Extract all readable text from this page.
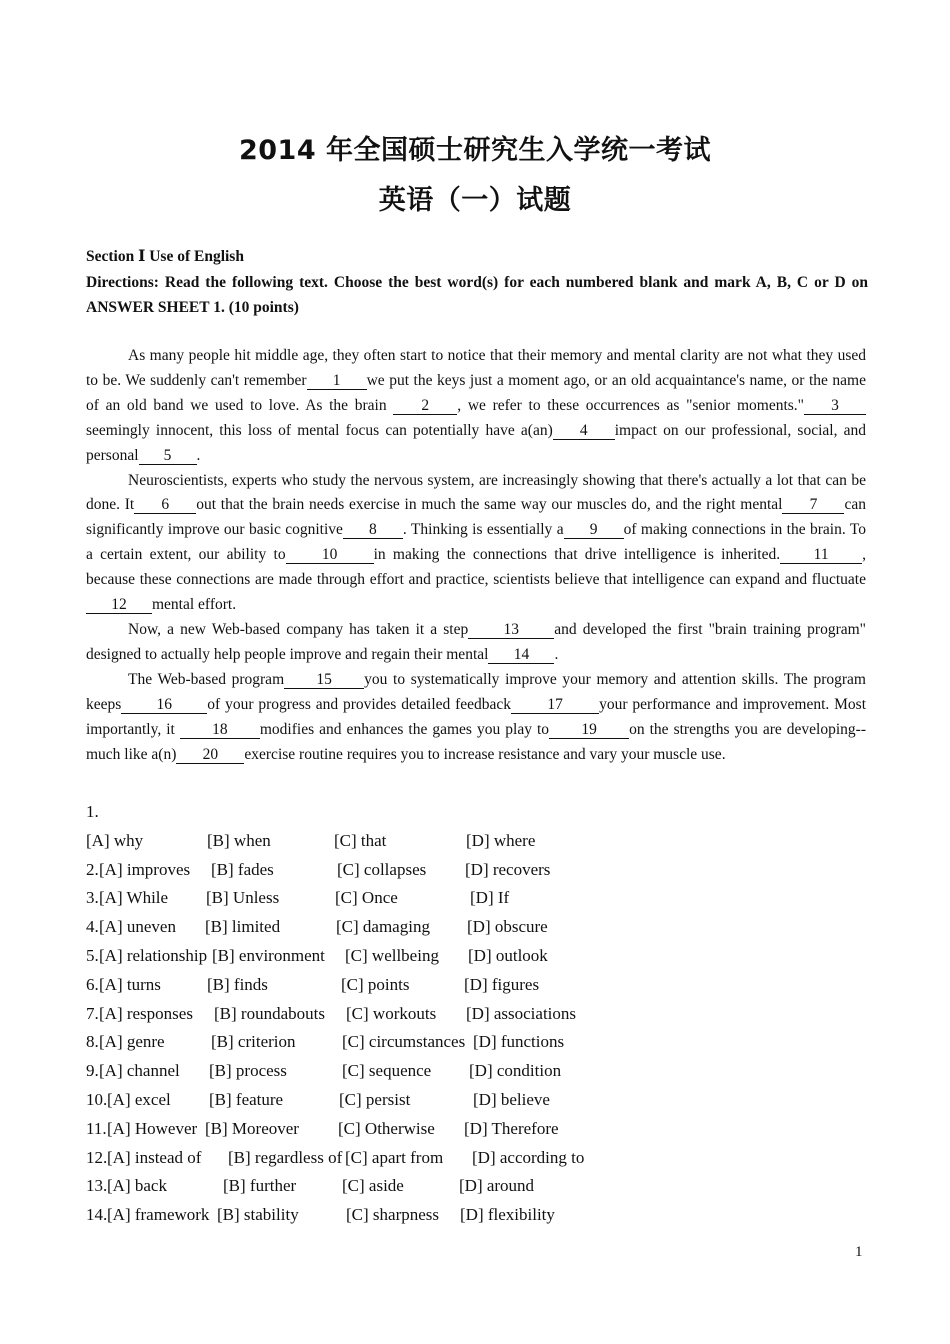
2014 年全国硕士研究生入学统一考试
英语（一）试题
Section Ⅰ Use of English
Directions: Read the following text. Choose the best word(s) for each numbered blank and mark A, B, C or D on ANSWER SHEET 1. (10 points)

As many people hit middle age, they often start to notice that their memory and mental clarity are not what they used to be. We suddenly can't remember 1 we put the keys just a moment ago, or an old acquaintance's name, or the name of an old band we used to love. As the brain 2 , we refer to these occurrences as "senior moments." 3seemingly innocent, this loss of mental focus can potentially have a(an) 4 impact on our professional, social, and personal 5 .

Neuroscientists, experts who study the nervous system, are increasingly showing that there's actually a lot that can be done. It 6 out that the brain needs exercise in much the same way our muscles do, and the right mental 7 can significantly improve our basic cognitive 8 . Thinking is essentially a 9 of making connections in the brain. To a certain extent, our ability to 10 in making the connections that drive intelligence is inherited. 11 , because these connections are made through effort and practice, scientists believe that intelligence can expand and fluctuate12 mental effort.

Now, a new Web-based company has taken it a step 13 and developed the first "brain training program" designed to actually help people improve and regain their mental 14 .

The Web-based program 15 you to systematically improve your memory and attention skills. The program keeps 16 of your progress and provides detailed feedback 17 your performance and improvement. Most importantly, it 18 modifies and enhances the games you play to 19 on the strengths you are developing--much like a(n) 20 exercise routine requires you to increase resistance and vary your muscle use.

1.
[A] why	[B] when	[C] that	[D] where
2. [A] improves [B] fades	[C] collapses [D] recovers
3. [A] While [B] Unless	[C] Once	[D] If
4. [A] uneven [B] limited	[C] damaging [D] obscure
5. [A] relationship [B] environment [C] wellbeing [D] outlook
6. [A] turns	[B] finds	[C] points	[D] figures
7. [A] responses [B] roundabouts [C] workouts [D] associations
8. [A] genre	[B] criterion	[C] circumstances [D] functions
9. [A] channel [B] process	[C] sequence [D] condition
10. [A] excel [B] feature	[C] persist	[D] believe
11. [A] However [B] Moreover [C] Otherwise [D] Therefore
12. [A] instead of [B] regardless of [C] apart from [D] according to
13. [A] back	[B] further	[C] aside	[D] around
14. [A] framework [B] stability	[C] sharpness [D] flexibility
1
